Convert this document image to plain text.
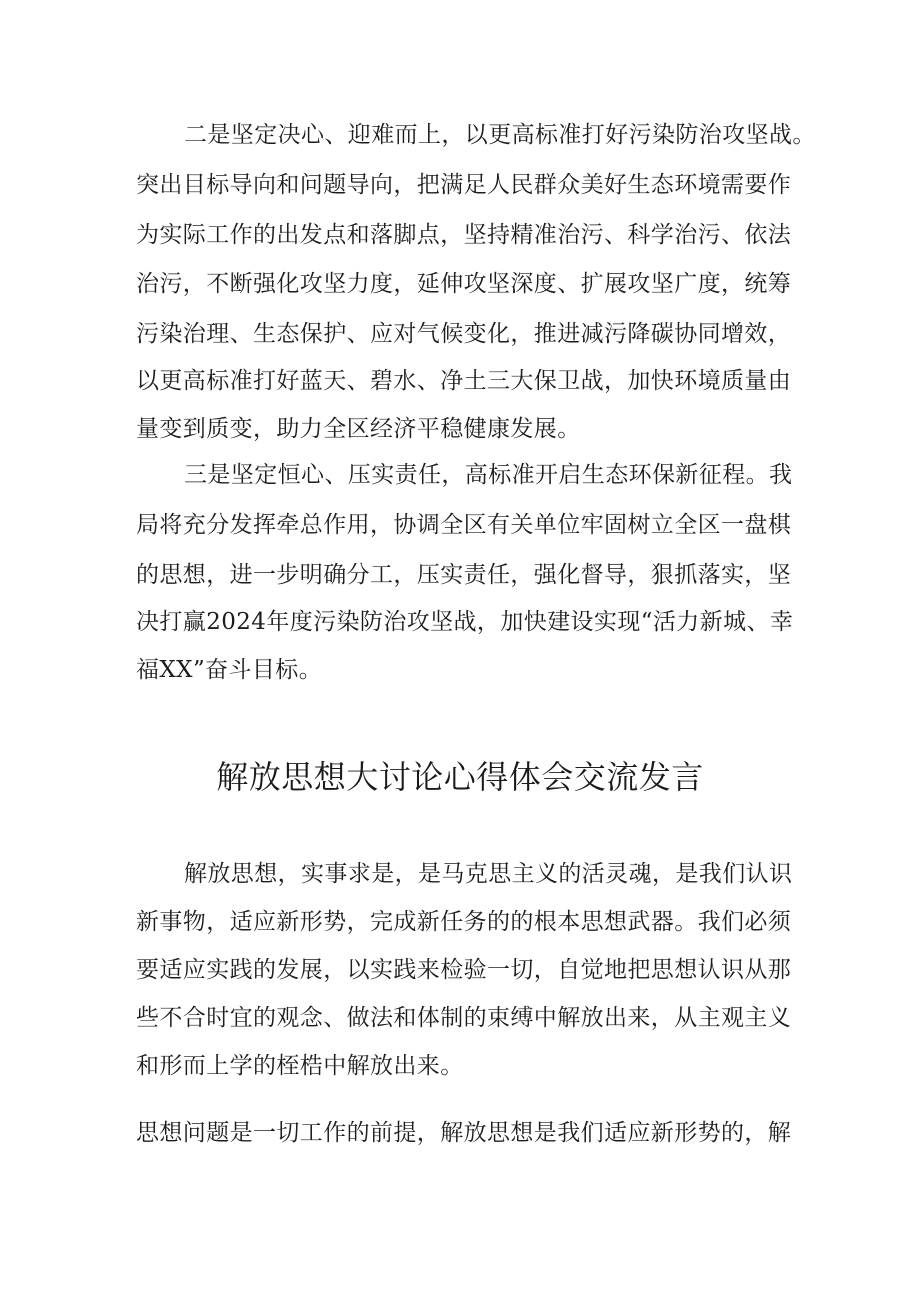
二是坚定决心、迎难而上，以更高标准打好污染防治攻坚战。
突出目标导向和问题导向，把满足人民群众美好生态环境需要作
为实际工作的出发点和落脚点，坚持精准治污、科学治污、依法
治污，不断强化攻坚力度，延伸攻坚深度、扩展攻坚广度，统筹
污染治理、生态保护、应对气候变化，推进减污降碳协同增效，
以更高标准打好蓝天、碧水、净土三大保卫战，加快环境质量由
量变到质变，助力全区经济平稳健康发展。
三是坚定恒心、压实责任，高标准开启生态环保新征程。我
局将充分发挥牵总作用，协调全区有关单位牢固树立全区一盘棋
的思想，进一步明确分工，压实责任，强化督导，狠抓落实，坚
决打赢2024年度污染防治攻坚战，加快建设实现“活力新城、幸
福XX”奋斗目标。
解放思想大讨论心得体会交流发言
解放思想，实事求是，是马克思主义的活灵魂，是我们认识
新事物，适应新形势，完成新任务的的根本思想武器。我们必须
要适应实践的发展，以实践来检验一切，自觉地把思想认识从那
些不合时宜的观念、做法和体制的束缚中解放出来，从主观主义
和形而上学的桎梏中解放出来。
思想问题是一切工作的前提，解放思想是我们适应新形势的，解
